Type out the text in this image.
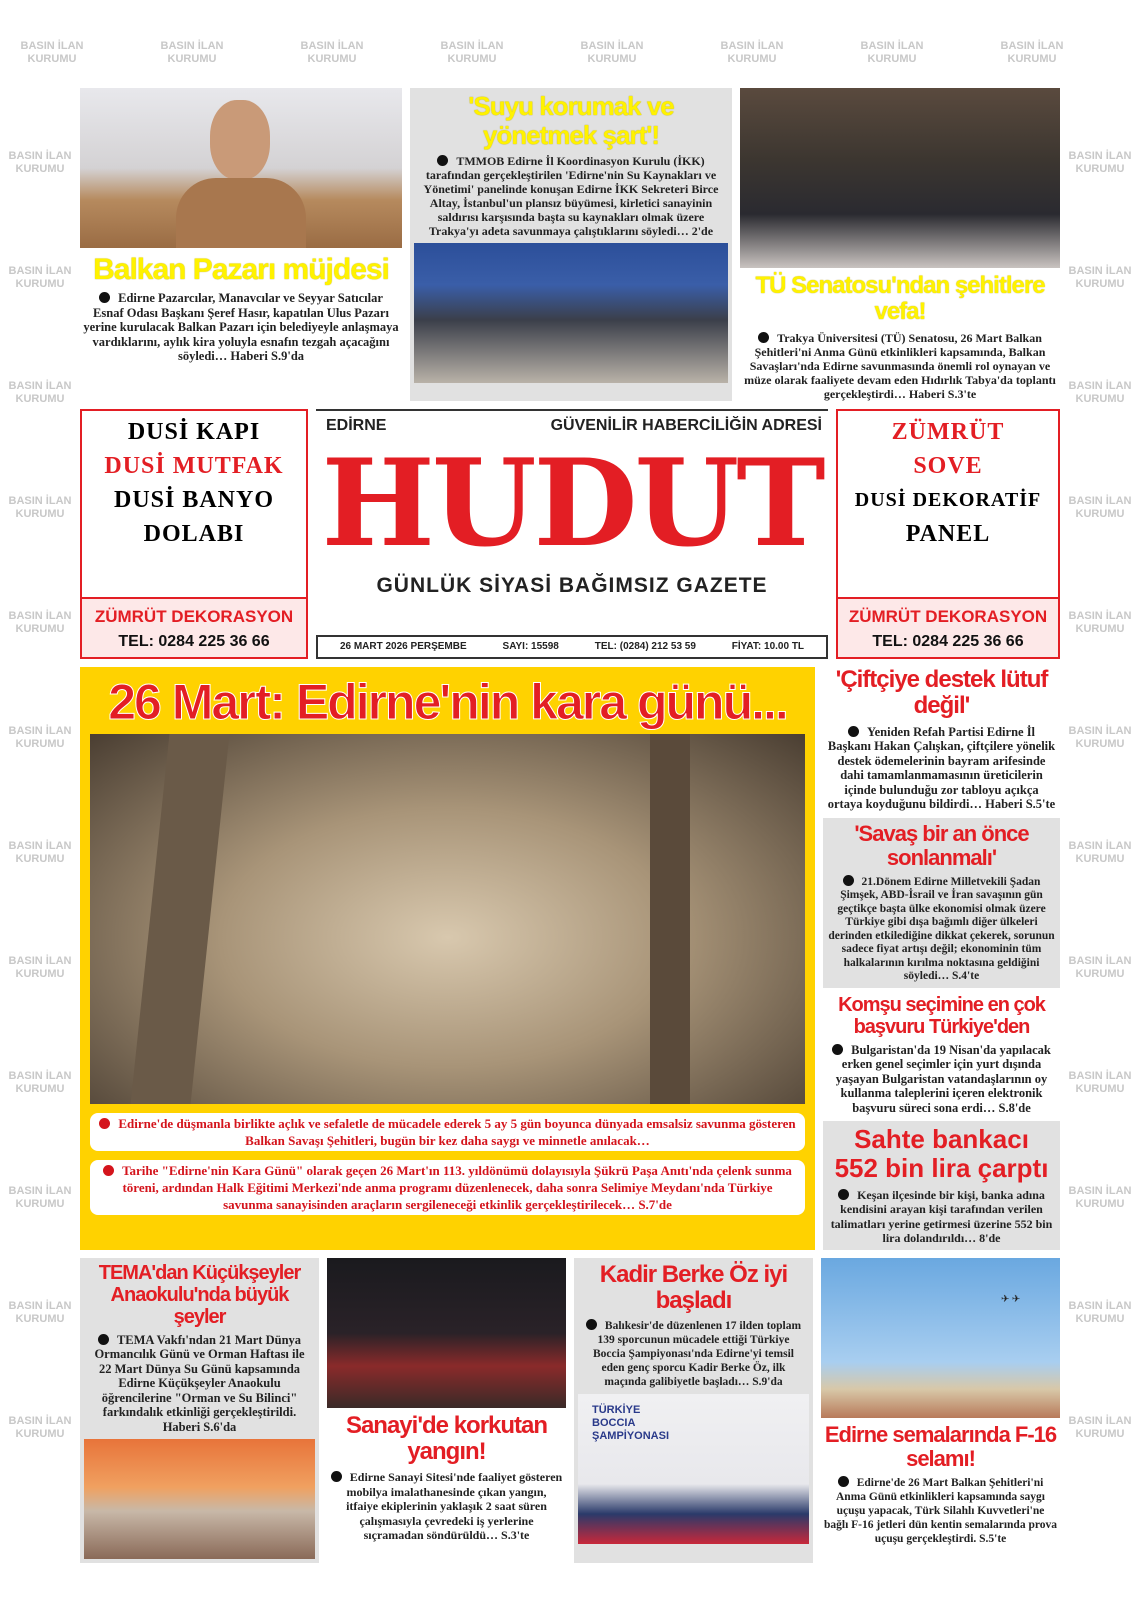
BASIN İLAN
KURUMU
BASIN İLAN
KURUMU
BASIN İLAN
KURUMU
BASIN İLAN
KURUMU
BASIN İLAN
KURUMU
BASIN İLAN
KURUMU
BASIN İLAN
KURUMU
BASIN İLAN
KURUMU
BASIN İLAN
KURUMU
BASIN İLAN
KURUMU
BASIN İLAN
KURUMU
BASIN İLAN
KURUMU
BASIN İLAN
KURUMU
BASIN İLAN
KURUMU
BASIN İLAN
KURUMU
BASIN İLAN
KURUMU
BASIN İLAN
KURUMU
BASIN İLAN
KURUMU
BASIN İLAN
KURUMU
BASIN İLAN
KURUMU
BASIN İLAN
KURUMU
BASIN İLAN
KURUMU
BASIN İLAN
KURUMU
BASIN İLAN
KURUMU
BASIN İLAN
KURUMU
BASIN İLAN
KURUMU
BASIN İLAN
KURUMU
BASIN İLAN
KURUMU
BASIN İLAN
KURUMU
BASIN İLAN
KURUMU
BASIN İLAN
KURUMU
BASIN İLAN
KURUMU
Balkan Pazarı müjdesi
Edirne Pazarcılar, Manavcılar ve Seyyar Satıcılar Esnaf Odası Başkanı Şeref Hasır, kapatılan Ulus Pazarı yerine kurulacak Balkan Pazarı için belediyeyle anlaşmaya vardıklarını, aylık kira yoluyla esnafın tezgah açacağını söyledi… Haberi S.9'da
'Suyu korumak ve yönetmek şart'!
TMMOB Edirne İl Koordinasyon Kurulu (İKK) tarafından gerçekleştirilen 'Edirne'nin Su Kaynakları ve Yönetimi' panelinde konuşan Edirne İKK Sekreteri Birce Altay, İstanbul'un plansız büyümesi, kirletici sanayinin saldırısı karşısında başta su kaynakları olmak üzere Trakya'yı adeta savunmaya çalıştıklarını söyledi… 2'de
TÜ Senatosu'ndan şehitlere vefa!
Trakya Üniversitesi (TÜ) Senatosu, 26 Mart Balkan Şehitleri'ni Anma Günü etkinlikleri kapsamında, Balkan Savaşları'nda Edirne savunmasında önemli rol oynayan ve müze olarak faaliyete devam eden Hıdırlık Tabya'da toplantı gerçekleştirdi… Haberi S.3'te
DUSİ KAPI
DUSİ MUTFAK
DUSİ BANYO
DOLABI
ZÜMRÜT DEKORASYON
TEL: 0284 225 36 66
EDİRNE	GÜVENİLİR HABERCİLİĞİN ADRESİ
HUDUT
GÜNLÜK SİYASİ BAĞIMSIZ GAZETE
26 MART 2026 PERŞEMBE	SAYI: 15598	TEL: (0284) 212 53 59	FİYAT: 10.00 TL
ZÜMRÜT
SOVE
DUSİ DEKORATİF
PANEL
ZÜMRÜT DEKORASYON
TEL: 0284 225 36 66
26 Mart: Edirne'nin kara günü...
Edirne'de düşmanla birlikte açlık ve sefaletle de mücadele ederek 5 ay 5 gün boyunca dünyada emsalsiz savunma gösteren Balkan Savaşı Şehitleri, bugün bir kez daha saygı ve minnetle anılacak…
Tarihe "Edirne'nin Kara Günü" olarak geçen 26 Mart'ın 113. yıldönümü dolayısıyla Şükrü Paşa Anıtı'nda çelenk sunma töreni, ardından Halk Eğitimi Merkezi'nde anma programı düzenlenecek, daha sonra Selimiye Meydanı'nda Türkiye savunma sanayisinden araçların sergileneceği etkinlik gerçekleştirilecek… S.7'de
'Çiftçiye destek lütuf değil'
Yeniden Refah Partisi Edirne İl Başkanı Hakan Çalışkan, çiftçilere yönelik destek ödemelerinin bayram arifesinde dahi tamamlanmamasının üreticilerin içinde bulunduğu zor tabloyu açıkça ortaya koyduğunu bildirdi… Haberi S.5'te
'Savaş bir an önce sonlanmalı'
21.Dönem Edirne Milletvekili Şadan Şimşek, ABD-İsrail ve İran savaşının gün geçtikçe başta ülke ekonomisi olmak üzere Türkiye gibi dışa bağımlı diğer ülkeleri derinden etkilediğine dikkat çekerek, sorunun sadece fiyat artışı değil; ekonominin tüm halkalarının kırılma noktasına geldiğini söyledi… S.4'te
Komşu seçimine en çok başvuru Türkiye'den
Bulgaristan'da 19 Nisan'da yapılacak erken genel seçimler için yurt dışında yaşayan Bulgaristan vatandaşlarının oy kullanma taleplerini içeren elektronik başvuru süreci sona erdi… S.8'de
Sahte bankacı
552 bin lira çarptı
Keşan ilçesinde bir kişi, banka adına kendisini arayan kişi tarafından verilen talimatları yerine getirmesi üzerine 552 bin lira dolandırıldı… 8'de
TEMA'dan Küçükşeyler Anaokulu'nda büyük şeyler
TEMA Vakfı'ndan 21 Mart Dünya Ormancılık Günü ve Orman Haftası ile 22 Mart Dünya Su Günü kapsamında Edirne Küçükşeyler Anaokulu öğrencilerine "Orman ve Su Bilinci" farkındalık etkinliği gerçekleştirildi. Haberi S.6'da	Sanayi'de korkutan yangın!
Edirne Sanayi Sitesi'nde faaliyet gösteren mobilya imalathanesinde çıkan yangın, itfaiye ekiplerinin yaklaşık 2 saat süren çalışmasıyla çevredeki iş yerlerine sıçramadan söndürüldü… S.3'te
Kadir Berke Öz iyi başladı
Balıkesir'de düzenlenen 17 ilden toplam 139 sporcunun mücadele ettiği Türkiye Boccia Şampiyonası'nda Edirne'yi temsil eden genç sporcu Kadir Berke Öz, ilk maçında galibiyetle başladı… S.9'da
TÜRKİYE BOCCIA ŞAMPİYONASI
✈ ✈
Edirne semalarında F-16 selamı!
Edirne'de 26 Mart Balkan Şehitleri'ni Anma Günü etkinlikleri kapsamında saygı uçuşu yapacak, Türk Silahlı Kuvvetleri'ne bağlı F-16 jetleri dün kentin semalarında prova uçuşu gerçekleştirdi. S.5'te
